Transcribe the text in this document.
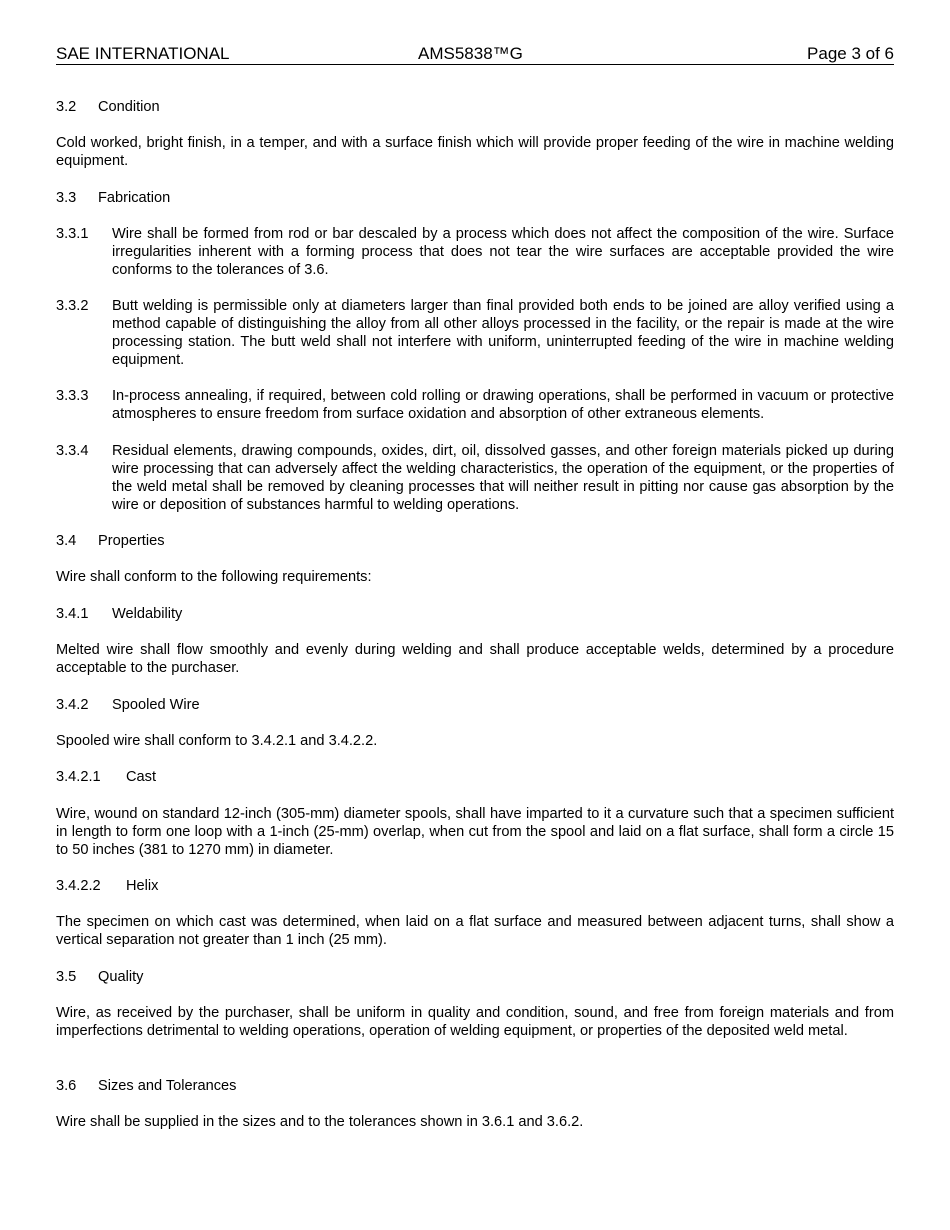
SAE INTERNATIONAL	AMS5838™G	Page 3 of 6
3.2 Condition
Cold worked, bright finish, in a temper, and with a surface finish which will provide proper feeding of the wire in machine welding equipment.
3.3 Fabrication
3.3.1 Wire shall be formed from rod or bar descaled by a process which does not affect the composition of the wire. Surface irregularities inherent with a forming process that does not tear the wire surfaces are acceptable provided the wire conforms to the tolerances of 3.6.
3.3.2 Butt welding is permissible only at diameters larger than final provided both ends to be joined are alloy verified using a method capable of distinguishing the alloy from all other alloys processed in the facility, or the repair is made at the wire processing station. The butt weld shall not interfere with uniform, uninterrupted feeding of the wire in machine welding equipment.
3.3.3 In-process annealing, if required, between cold rolling or drawing operations, shall be performed in vacuum or protective atmospheres to ensure freedom from surface oxidation and absorption of other extraneous elements.
3.3.4 Residual elements, drawing compounds, oxides, dirt, oil, dissolved gasses, and other foreign materials picked up during wire processing that can adversely affect the welding characteristics, the operation of the equipment, or the properties of the weld metal shall be removed by cleaning processes that will neither result in pitting nor cause gas absorption by the wire or deposition of substances harmful to welding operations.
3.4 Properties
Wire shall conform to the following requirements:
3.4.1 Weldability
Melted wire shall flow smoothly and evenly during welding and shall produce acceptable welds, determined by a procedure acceptable to the purchaser.
3.4.2 Spooled Wire
Spooled wire shall conform to 3.4.2.1 and 3.4.2.2.
3.4.2.1 Cast
Wire, wound on standard 12-inch (305-mm) diameter spools, shall have imparted to it a curvature such that a specimen sufficient in length to form one loop with a 1-inch (25-mm) overlap, when cut from the spool and laid on a flat surface, shall form a circle 15 to 50 inches (381 to 1270 mm) in diameter.
3.4.2.2 Helix
The specimen on which cast was determined, when laid on a flat surface and measured between adjacent turns, shall show a vertical separation not greater than 1 inch (25 mm).
3.5 Quality
Wire, as received by the purchaser, shall be uniform in quality and condition, sound, and free from foreign materials and from imperfections detrimental to welding operations, operation of welding equipment, or properties of the deposited weld metal.
3.6 Sizes and Tolerances
Wire shall be supplied in the sizes and to the tolerances shown in 3.6.1 and 3.6.2.
